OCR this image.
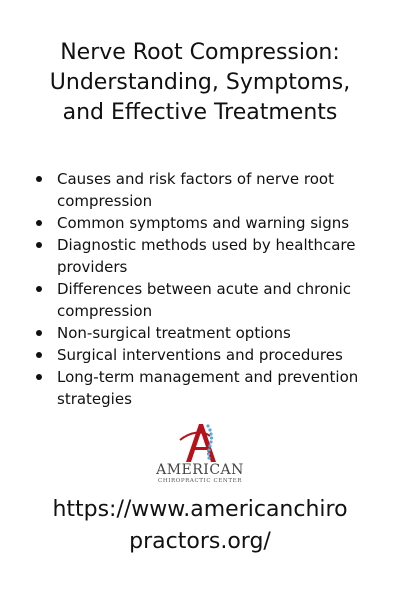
Nerve Root Compression:
Understanding, Symptoms,
and Effective Treatments
Causes and risk factors of nerve root compression
Common symptoms and warning signs
Diagnostic methods used by healthcare providers
Differences between acute and chronic compression
Non-surgical treatment options
Surgical interventions and procedures
Long-term management and prevention strategies
AMERICAN
CHIROPRACTIC CENTER
https://www.americanchiro
practors.org/
